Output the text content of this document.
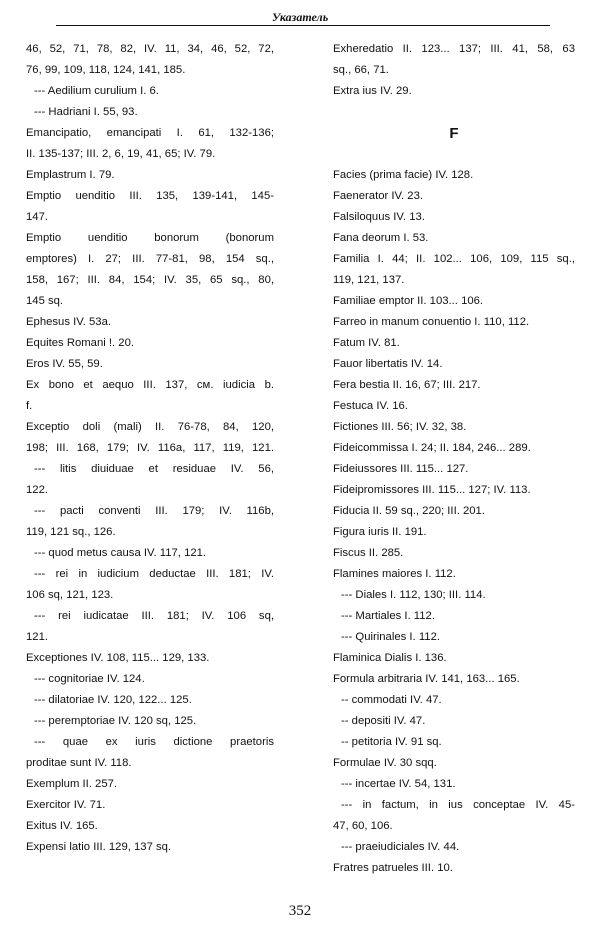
Указатель
46, 52, 71, 78, 82, IV. 11, 34, 46, 52, 72,
76, 99, 109, 118, 124, 141, 185.
--- Aedilium curulium I. 6.
--- Hadriani I. 55, 93.
Emancipatio, emancipati I. 61, 132-136;
II. 135-137; III. 2, 6, 19, 41, 65; IV. 79.
Emplastrum I. 79.
Emptio uenditio III. 135, 139-141, 145-
147.
Emptio uenditio bonorum (bonorum
emptores) I. 27; III. 77-81, 98, 154 sq.,
158, 167; III. 84, 154; IV. 35, 65 sq., 80,
145 sq.
Ephesus IV. 53a.
Equites Romani !. 20.
Eros IV. 55, 59.
Ex bono et aequo III. 137, см. iudicia b.
f.
Exceptio doli (mali) II. 76-78, 84, 120,
198; III. 168, 179; IV. 116a, 117, 119, 121.
--- litis diuiduae et residuae IV. 56,
122.
--- pacti conventi III. 179; IV. 116b,
119, 121 sq., 126.
--- quod metus causa IV. 117, 121.
--- rei in iudicium deductae III. 181; IV.
106 sq, 121, 123.
--- rei iudicatae III. 181; IV. 106 sq,
121.
Exceptiones IV. 108, 115... 129, 133.
--- cognitoriae IV. 124.
--- dilatoriae IV. 120, 122... 125.
--- peremptoriae IV. 120 sq, 125.
--- quae ex iuris dictione praetoris
proditae sunt IV. 118.
Exemplum II. 257.
Exercitor IV. 71.
Exitus IV. 165.
Expensi latio III. 129, 137 sq.
Exheredatio II. 123... 137; III. 41, 58, 63
sq., 66, 71.
Extra ius IV. 29.
F
Facies (prima facie) IV. 128.
Faenerator IV. 23.
Falsiloquus IV. 13.
Fana deorum I. 53.
Familia I. 44; II. 102... 106, 109, 115 sq.,
119, 121, 137.
Familiae emptor II. 103... 106.
Farreo in manum conuentio I. 110, 112.
Fatum IV. 81.
Fauor libertatis IV. 14.
Fera bestia II. 16, 67; III. 217.
Festuca IV. 16.
Fictiones III. 56; IV. 32, 38.
Fideicommissa I. 24; II. 184, 246... 289.
Fideiussores III. 115... 127.
Fideipromissores III. 115... 127; IV. 113.
Fiducia II. 59 sq., 220; III. 201.
Figura iuris II. 191.
Fiscus II. 285.
Flamines maiores I. 112.
--- Diales I. 112, 130; III. 114.
--- Martiales I. 112.
--- Quirinales I. 112.
Flaminica Dialis I. 136.
Formula arbitraria IV. 141, 163... 165.
-- commodati IV. 47.
-- depositi IV. 47.
-- petitoria IV. 91 sq.
Formulae IV. 30 sqq.
--- incertae IV. 54, 131.
--- in factum, in ius conceptae IV. 45-
47, 60, 106.
--- praeiudiciales IV. 44.
Fratres patrueles III. 10.
352
